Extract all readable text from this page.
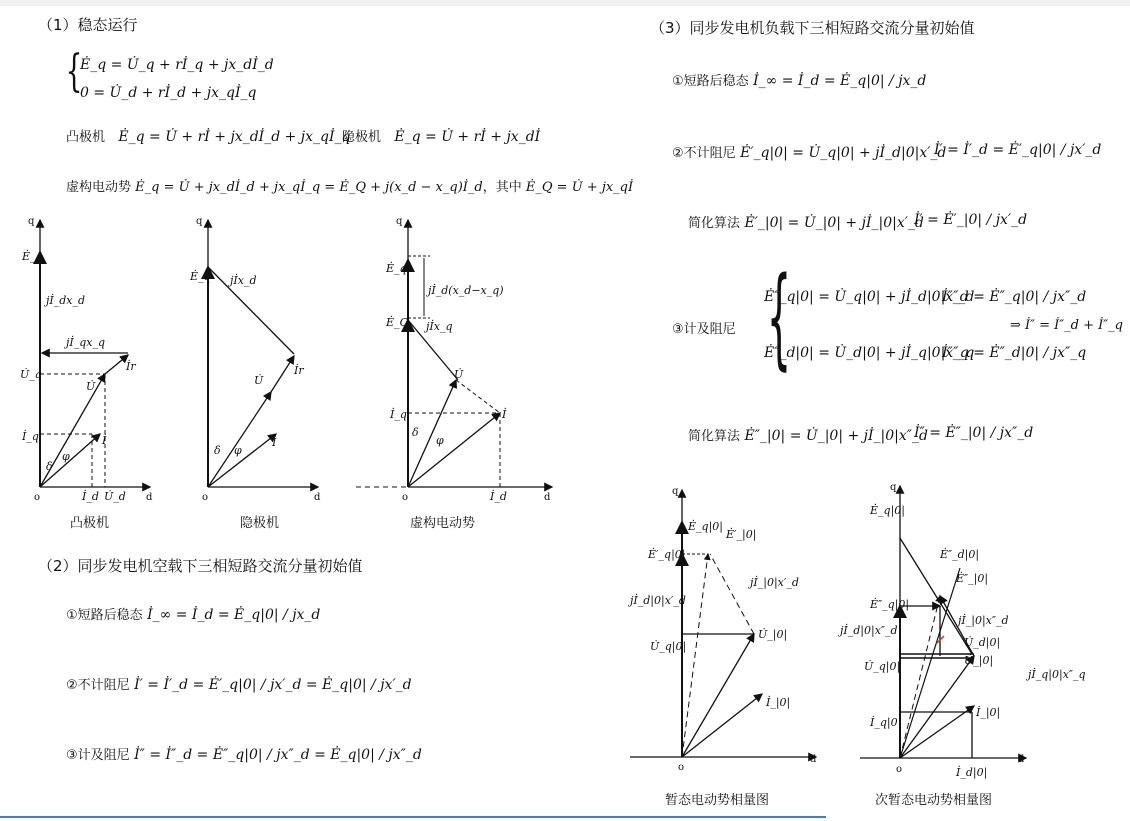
（1）稳态运行
{
Ė_q = U̇_q + rİ_q + jx_dİ_d
0 = U̇_d + rİ_d + jx_qİ_q
凸极机 Ė_q = U̇ + rİ + jx_dİ_d + jx_qİ_q
隐极机 Ė_q = U̇ + rİ + jx_dİ
虚构电动势 Ė_q = U̇ + jx_dİ_d + jx_qİ_q = Ė_Q + j(x_d − x_q)İ_d，其中 Ė_Q = U̇ + jx_qİ
q
d
o
Ė_q
jİ_dx_d
jİ_qx_q
U̇_q
U̇
İr
İ_q	İ
δ
φ
İ_d U̇_d
凸极机
q
d
o
Ė_q jİx_d
U̇
İr
İ
δ φ
隐极机
q
d
o
Ė_q
jİ_d(x_d−x_q)
Ė_Q jİx_q
U̇
İ_q	İ
δ
φ
İ_d
虚构电动势
（2）同步发电机空载下三相短路交流分量初始值
①短路后稳态 İ_∞ = İ_d = Ė_q|0| / jx_d
②不计阻尼 İ′ = İ′_d = Ė′_q|0| / jx′_d = Ė_q|0| / jx′_d
③计及阻尼 İ″ = İ″_d = Ė″_q|0| / jx″_d = Ė_q|0| / jx″_d
（3）同步发电机负载下三相短路交流分量初始值
①短路后稳态 İ_∞ = İ_d = Ė_q|0| / jx_d
②不计阻尼 Ė′_q|0| = U̇_q|0| + jİ_d|0|x′_d
İ′ = İ′_d = Ė′_q|0| / jx′_d
简化算法 Ė′_|0| = U̇_|0| + jİ_|0|x′_d
İ′ = Ė′_|0| / jx′_d
③计及阻尼 {
Ė″_q|0| = U̇_q|0| + jİ_d|0|x″_d
İ″_d = Ė″_q|0| / jx″_d
Ė″_d|0| = U̇_d|0| + jİ_q|0|x″_q
İ″_q = Ė″_d|0| / jx″_q
⇒ İ″ = İ″_d + İ″_q
简化算法 Ė″_|0| = U̇_|0| + jİ_|0|x″_d
İ″ = Ė″_|0| / jx″_d
q
d
o
Ė_q|0|
Ė′_|0|
Ė′_q|0|
jİ_|0|x′_d
jİ_d|0|x′_d
U̇_|0|
U̇_q|0|
İ_|0|
暂态电动势相量图
q
d
o
Ė_q|0|
Ė″_d|0|
Ė″_|0|
Ė″_q|0|
jİ_|0|x″_d
jİ_d|0|x″_d
U̇_d|0|
U̇_|0|
U̇_q|0|
jİ_q|0|x″_q
İ_|0|
İ_q|0|
İ_d|0|
次暂态电动势相量图
